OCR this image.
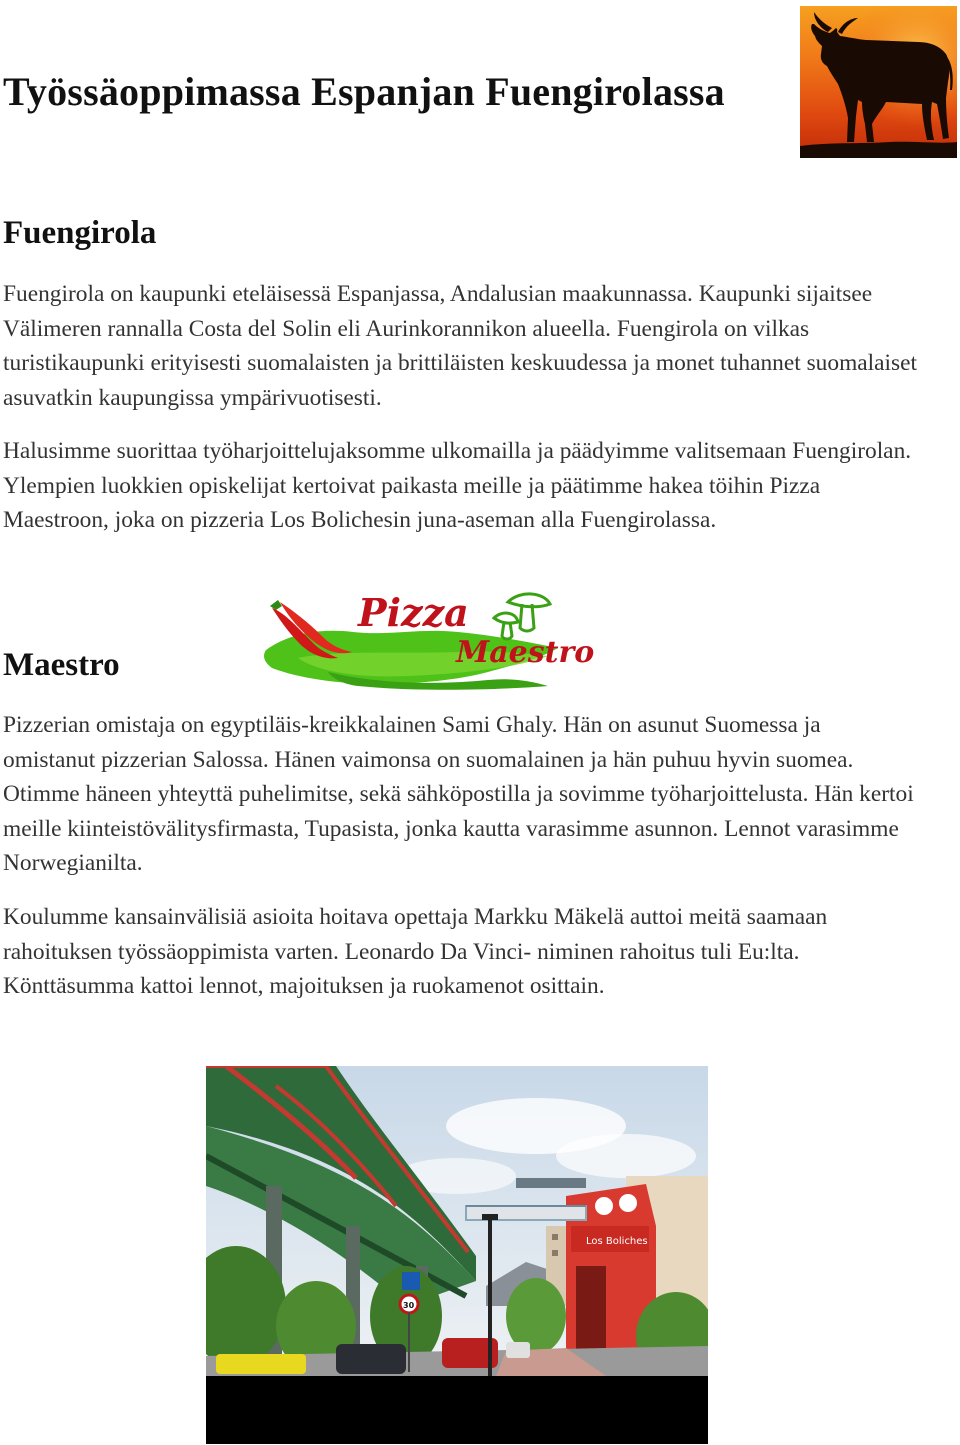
Työssäoppimassa Espanjan Fuengirolassa
Fuengirola

Fuengirola on kaupunki eteläisessä Espanjassa, Andalusian maakunnassa. Kaupunki sijaitsee Välimeren rannalla Costa del Solin eli Aurinkorannikon alueella. Fuengirola on vilkas turistikaupunki erityisesti suomalaisten ja brittiläisten keskuudessa ja monet tuhannet suomalaiset asuvatkin kaupungissa ympärivuotisesti.

Halusimme suorittaa työharjoittelujaksomme ulkomailla ja päädyimme valitsemaan Fuengirolan. Ylempien luokkien opiskelijat kertoivat paikasta meille ja päätimme hakea töihin Pizza Maestroon, joka on pizzeria Los Bolichesin juna-aseman alla Fuengirolassa.

Pizza
Maestro
Maestro

Pizzerian omistaja on egyptiläis-kreikkalainen Sami Ghaly. Hän on asunut Suomessa ja omistanut pizzerian Salossa. Hänen vaimonsa on suomalainen ja hän puhuu hyvin suomea. Otimme häneen yhteyttä puhelimitse, sekä sähköpostilla ja sovimme työharjoittelusta. Hän kertoi meille kiinteistövälitysfirmasta, Tupasista, jonka kautta varasimme asunnon. Lennot varasimme Norwegianilta.

Koulumme kansainvälisiä asioita hoitava opettaja Markku Mäkelä auttoi meitä saamaan rahoituksen työssäoppimista varten. Leonardo Da Vinci- niminen rahoitus tuli Eu:lta. Könttäsumma kattoi lennot, majoituksen ja ruokamenot osittain.

Los Boliches
30
